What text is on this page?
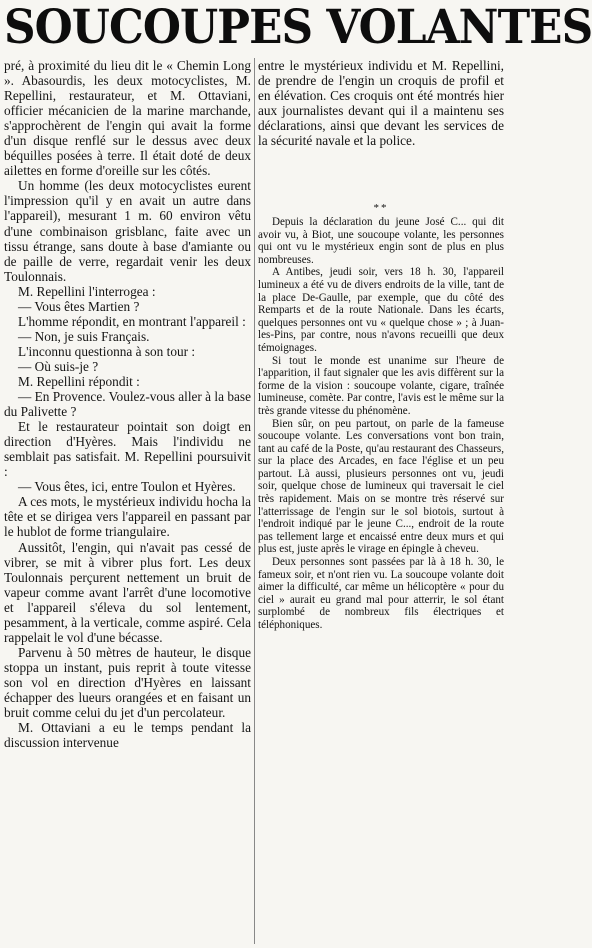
SOUCOUPES VOLANTES

pré, à proximité du lieu dit le « Chemin Long ». Abasourdis, les deux motocyclistes, M. Repellini, restaurateur, et M. Ottaviani, officier mécanicien de la marine marchande, s'approchèrent de l'engin qui avait la forme d'un disque renflé sur le dessus avec deux béquilles posées à terre. Il était doté de deux ailettes en forme d'oreille sur les côtés.

Un homme (les deux motocyclistes eurent l'impression qu'il y en avait un autre dans l'appareil), mesurant 1 m. 60 environ vêtu d'une combinaison grisblanc, faite avec un tissu étrange, sans doute à base d'amiante ou de paille de verre, regardait venir les deux Toulonnais.

M. Repellini l'interrogea :

— Vous êtes Martien ?

L'homme répondit, en montrant l'appareil :

— Non, je suis Français.

L'inconnu questionna à son tour :

— Où suis-je ?

M. Repellini répondit :

— En Provence. Voulez-vous aller à la base du Palivette ?

Et le restaurateur pointait son doigt en direction d'Hyères. Mais l'individu ne semblait pas satisfait. M. Repellini poursuivit :

— Vous êtes, ici, entre Toulon et Hyères.

A ces mots, le mystérieux individu hocha la tête et se dirigea vers l'appareil en passant par le hublot de forme triangulaire.

Aussitôt, l'engin, qui n'avait pas cessé de vibrer, se mit à vibrer plus fort. Les deux Toulonnais perçurent nettement un bruit de vapeur comme avant l'arrêt d'une locomotive et l'appareil s'éleva du sol lentement, pesamment, à la verticale, comme aspiré. Cela rappelait le vol d'une bécasse.

Parvenu à 50 mètres de hauteur, le disque stoppa un instant, puis reprit à toute vitesse son vol en direction d'Hyères en laissant échapper des lueurs orangées et en faisant un bruit comme celui du jet d'un percolateur.

M. Ottaviani a eu le temps pendant la discussion intervenue

entre le mystérieux individu et M. Repellini, de prendre de l'engin un croquis de profil et en élévation. Ces croquis ont été montrés hier aux journalistes devant qui il a maintenu ses déclarations, ainsi que devant les services de la sécurité navale et la police.

**

Depuis la déclaration du jeune José C... qui dit avoir vu, à Biot, une soucoupe volante, les personnes qui ont vu le mystérieux engin sont de plus en plus nombreuses.

A Antibes, jeudi soir, vers 18 h. 30, l'appareil lumineux a été vu de divers endroits de la ville, tant de la place De-Gaulle, par exemple, que du côté des Remparts et de la route Nationale. Dans les écarts, quelques personnes ont vu « quelque chose » ; à Juan-les-Pins, par contre, nous n'avons recueilli que deux témoignages.

Si tout le monde est unanime sur l'heure de l'apparition, il faut signaler que les avis diffèrent sur la forme de la vision : soucoupe volante, cigare, traînée lumineuse, comète. Par contre, l'avis est le même sur la très grande vitesse du phénomène.

Bien sûr, on peu partout, on parle de la fameuse soucoupe volante. Les conversations vont bon train, tant au café de la Poste, qu'au restaurant des Chasseurs, sur la place des Arcades, en face l'église et un peu partout. Là aussi, plusieurs personnes ont vu, jeudi soir, quelque chose de lumineux qui traversait le ciel très rapidement. Mais on se montre très réservé sur l'atterrissage de l'engin sur le sol biotois, surtout à l'endroit indiqué par le jeune C..., endroit de la route pas tellement large et encaissé entre deux murs et qui plus est, juste après le virage en épingle à cheveu.

Deux personnes sont passées par là à 18 h. 30, le fameux soir, et n'ont rien vu. La soucoupe volante doit aimer la difficulté, car même un hélicoptère « pour du ciel » aurait eu grand mal pour atterrir, le sol étant surplombé de nombreux fils électriques et téléphoniques.
